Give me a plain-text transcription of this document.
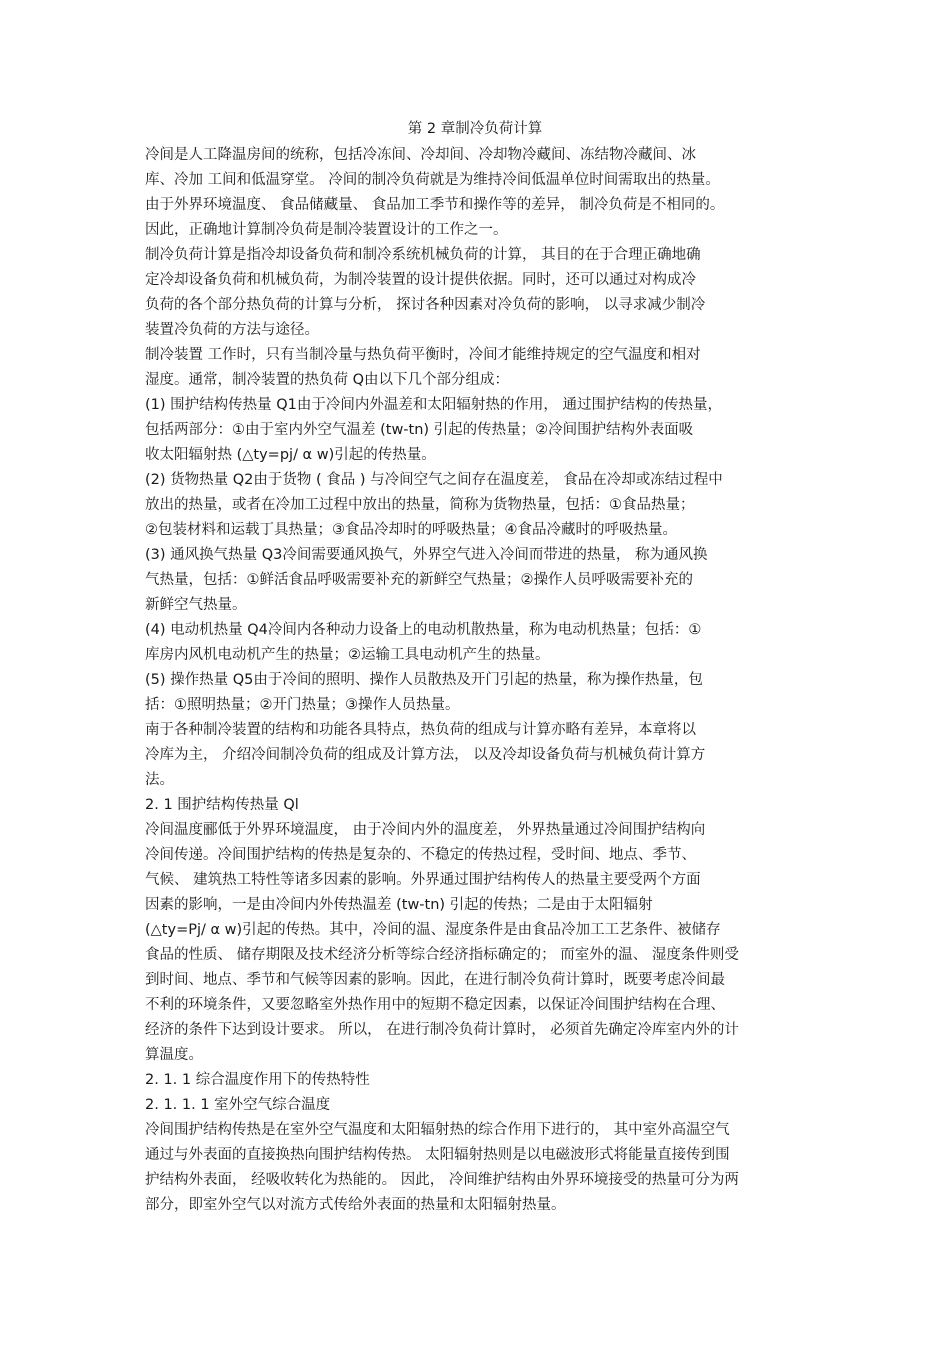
第 2 章制冷负荷计算

冷间是人工降温房间的统称，包括冷冻间、冷却间、冷却物冷藏间、冻结物冷藏间、冰

库、冷加 工间和低温穿堂。 冷间的制冷负荷就是为维持冷间低温单位时间需取出的热量。

由于外界环境温度、 食品储藏量、 食品加工季节和操作等的差异， 制冷负荷是不相同的。

因此，正确地计算制冷负荷是制冷装置设计的工作之一。

制冷负荷计算是指冷却设备负荷和制冷系统机械负荷的计算， 其目的在于合理正确地确

定冷却设备负荷和机械负荷，为制冷装置的设计提供依据。同时，还可以通过对构成冷

负荷的各个部分热负荷的计算与分析， 探讨各种因素对冷负荷的影响， 以寻求减少制冷

装置冷负荷的方法与途径。

制冷装置 工作时，只有当制冷量与热负荷平衡时，冷间才能维持规定的空气温度和相对

湿度。通常，制冷装置的热负荷 Q由以下几个部分组成：

(1) 围护结构传热量 Q1由于冷间内外温差和太阳辐射热的作用， 通过围护结构的传热量，

包括两部分：①由于室内外空气温差 (tw-tn) 引起的传热量；②冷间围护结构外表面吸

收太阳辐射热 (△ty=pj/ α w)引起的传热量。

(2) 货物热量 Q2由于货物 ( 食品 ) 与冷间空气之间存在温度差， 食品在冷却或冻结过程中

放出的热量，或者在冷加工过程中放出的热量，简称为货物热量，包括：①食品热量；

②包装材料和运载丁具热量；③食品冷却时的呼吸热量；④食品冷藏时的呼吸热量。

(3) 通风换气热量 Q3冷间需要通风换气，外界空气进入冷间而带进的热量， 称为通风换

气热量，包括：①鲜活食品呼吸需要补充的新鲜空气热量；②操作人员呼吸需要补充的

新鲜空气热量。

(4) 电动机热量 Q4冷间内各种动力设备上的电动机散热量，称为电动机热量；包括：①

库房内风机电动机产生的热量；②运输工具电动机产生的热量。

(5) 操作热量 Q5由于冷间的照明、操作人员散热及开门引起的热量，称为操作热量，包

括：①照明热量；②开门热量；③操作人员热量。

南于各种制冷装置的结构和功能各具特点，热负荷的组成与计算亦略有差异，本章将以

冷库为主， 介绍冷间制冷负荷的组成及计算方法， 以及冷却设备负荷与机械负荷计算方

法。

2. 1 围护结构传热量 Ql

冷间温度郦低于外界环境温度， 由于冷间内外的温度差， 外界热量通过冷间围护结构向

冷间传递。冷间围护结构的传热是复杂的、不稳定的传热过程，受时间、地点、季节、

气候、 建筑热工特性等诸多因素的影响。外界通过围护结构传人的热量主要受两个方面

因素的影响，一是由冷间内外传热温差 (tw-tn) 引起的传热；二是由于太阳辐射

(△ty=Pj/ α w)引起的传热。其中，冷间的温、湿度条件是由食品冷加工工艺条件、被储存

食品的性质、 储存期限及技术经济分析等综合经济指标确定的； 而室外的温、 湿度条件则受

到时间、地点、季节和气候等因素的影响。因此，在进行制冷负荷计算时，既要考虑冷间最

不利的环境条件，又要忽略室外热作用中的短期不稳定因素，以保证冷间围护结构在合理、

经济的条件下达到设计要求。 所以， 在进行制冷负荷计算时， 必须首先确定冷库室内外的计

算温度。

2. 1. 1 综合温度作用下的传热特性

2. 1. 1. 1 室外空气综合温度

冷间围护结构传热是在室外空气温度和太阳辐射热的综合作用下进行的， 其中室外高温空气

通过与外表面的直接换热向围护结构传热。 太阳辐射热则是以电磁波形式将能量直接传到围

护结构外表面， 经吸收转化为热能的。 因此， 冷间维护结构由外界环境接受的热量可分为两

部分，即室外空气以对流方式传给外表面的热量和太阳辐射热量。
